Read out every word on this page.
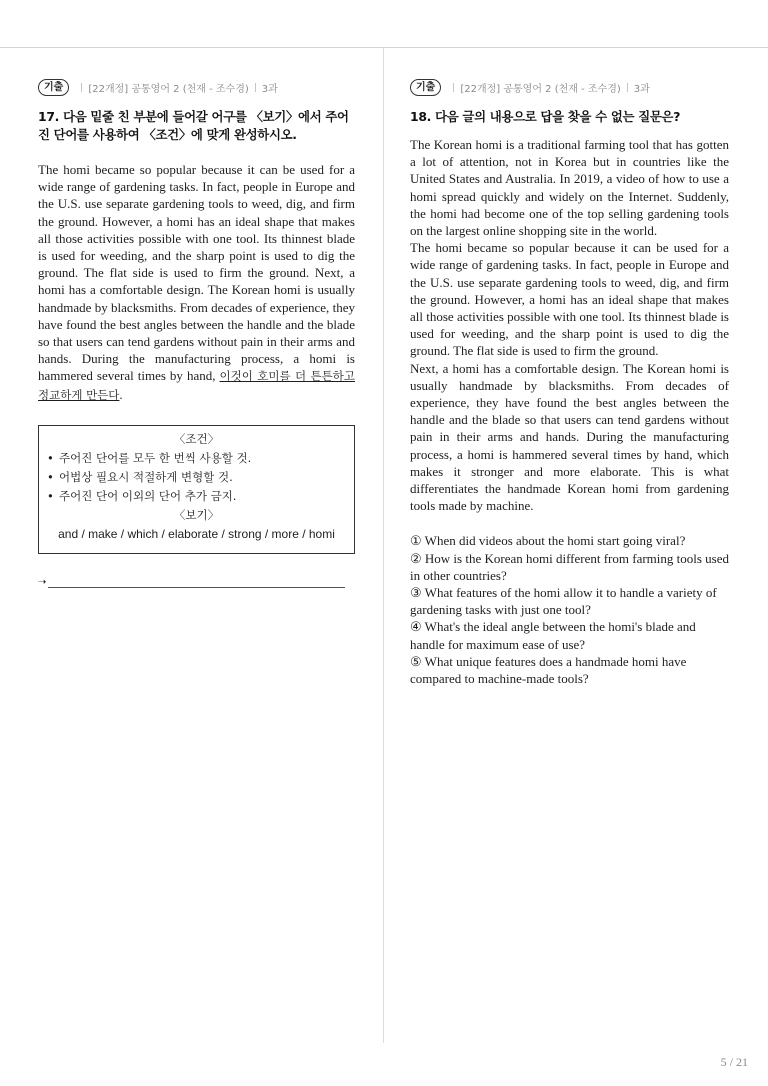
기출	[22개정] 공통영어 2 (천재 - 조수경) 3과
17. 다음 밑줄 친 부분에 들어갈 어구를 〈보기〉에서 주어진 단어를 사용하여 〈조건〉에 맞게 완성하시오.
The homi became so popular because it can be used for a wide range of gardening tasks. In fact, people in Europe and the U.S. use separate gardening tools to weed, dig, and firm the ground. However, a homi has an ideal shape that makes all those activities possible with one tool. Its thinnest blade is used for weeding, and the sharp point is used to dig the ground. The flat side is used to firm the ground. Next, a homi has a comfortable design. The Korean homi is usually handmade by blacksmiths. From decades of experience, they have found the best angles between the handle and the blade so that users can tend gardens without pain in their arms and hands. During the manufacturing process, a homi is hammered several times by hand, 이것이 호미를 더 튼튼하고 정교하게 만든다.
〈조건〉
• 주어진 단어를 모두 한 번씩 사용할 것.
• 어법상 필요시 적절하게 변형할 것.
• 주어진 단어 이외의 단어 추가 금지.
〈보기〉
and / make / which / elaborate / strong / more / homi
➝
기출	[22개정] 공통영어 2 (천재 - 조수경) 3과
18. 다음 글의 내용으로 답을 찾을 수 없는 질문은?

The Korean homi is a traditional farming tool that has gotten a lot of attention, not in Korea but in countries like the United States and Australia. In 2019, a video of how to use a homi spread quickly and widely on the Internet. Suddenly, the homi had become one of the top selling gardening tools on the largest online shopping site in the world.

The homi became so popular because it can be used for a wide range of gardening tasks. In fact, people in Europe and the U.S. use separate gardening tools to weed, dig, and firm the ground. However, a homi has an ideal shape that makes all those activities possible with one tool. Its thinnest blade is used for weeding, and the sharp point is used to dig the ground. The flat side is used to firm the ground.

Next, a homi has a comfortable design. The Korean homi is usually handmade by blacksmiths. From decades of experience, they have found the best angles between the handle and the blade so that users can tend gardens without pain in their arms and hands. During the manufacturing process, a homi is hammered several times by hand, which makes it stronger and more elaborate. This is what differentiates the handmade Korean homi from gardening tools made by machine.

① When did videos about the homi start going viral?

② How is the Korean homi different from farming tools used in other countries?

③ What features of the homi allow it to handle a variety of gardening tasks with just one tool?

④ What's the ideal angle between the homi's blade and handle for maximum ease of use?

⑤ What unique features does a handmade homi have compared to machine-made tools?

5 / 21
